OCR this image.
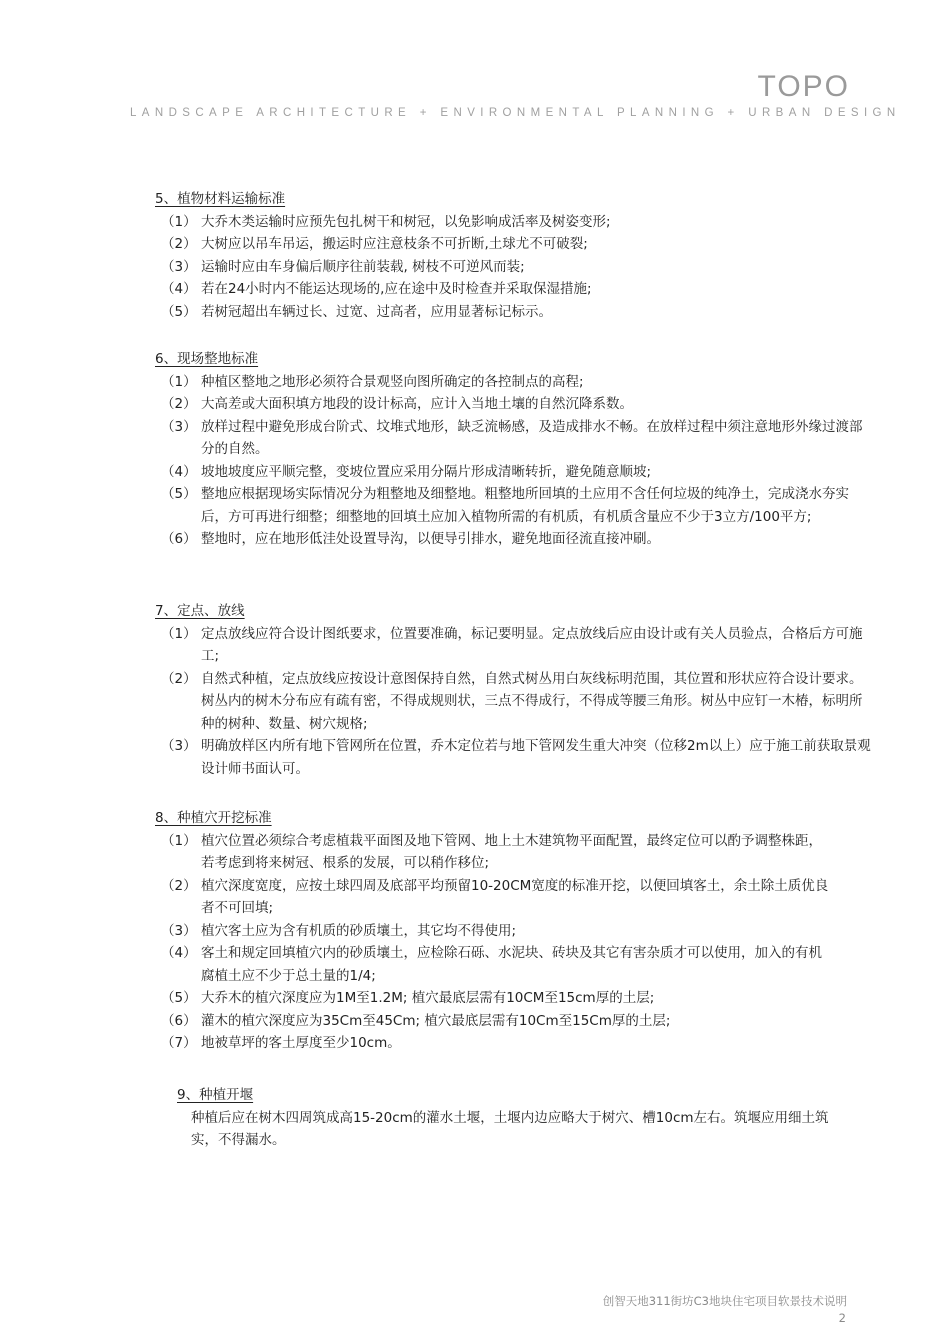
TOPO
LANDSCAPE ARCHITECTURE + ENVIRONMENTAL PLANNING + URBAN DESIGN
5、植物材料运输标准
（1） 大乔木类运输时应预先包扎树干和树冠，以免影响成活率及树姿变形;
（2） 大树应以吊车吊运，搬运时应注意枝条不可折断,土球尤不可破裂;
（3） 运输时应由车身偏后顺序往前装载, 树枝不可逆风而装;
（4） 若在24小时内不能运达现场的,应在途中及时检查并采取保湿措施;
（5） 若树冠超出车辆过长、过宽、过高者，应用显著标记标示。
6、现场整地标准
（1） 种植区整地之地形必须符合景观竖向图所确定的各控制点的高程;
（2） 大高差或大面积填方地段的设计标高，应计入当地土壤的自然沉降系数。
（3） 放样过程中避免形成台阶式、坟堆式地形，缺乏流畅感，及造成排水不畅。在放样过程中须注意地形外缘过渡部分的自然。
（4） 坡地坡度应平顺完整，变坡位置应采用分隔片形成清晰转折，避免随意顺坡;
（5） 整地应根据现场实际情况分为粗整地及细整地。粗整地所回填的土应用不含任何垃圾的纯净土，完成浇水夯实后，方可再进行细整；细整地的回填土应加入植物所需的有机质，有机质含量应不少于3立方/100平方;
（6） 整地时，应在地形低洼处设置导沟，以便导引排水，避免地面径流直接冲刷。
7、定点、放线
（1） 定点放线应符合设计图纸要求，位置要准确，标记要明显。定点放线后应由设计或有关人员验点，合格后方可施工;
（2） 自然式种植，定点放线应按设计意图保持自然，自然式树丛用白灰线标明范围，其位置和形状应符合设计要求。树丛内的树木分布应有疏有密，不得成规则状，三点不得成行，不得成等腰三角形。树丛中应钉一木椿，标明所种的树种、数量、树穴规格;
（3） 明确放样区内所有地下管网所在位置，乔木定位若与地下管网发生重大冲突（位移2m以上）应于施工前获取景观设计师书面认可。
8、种植穴开挖标准
（1） 植穴位置必须综合考虑植栽平面图及地下管网、地上土木建筑物平面配置，最终定位可以酌予调整株距，若考虑到将来树冠、根系的发展，可以稍作移位;
（2） 植穴深度宽度，应按土球四周及底部平均预留10-20CM宽度的标准开挖，以便回填客土，余土除土质优良者不可回填;
（3） 植穴客土应为含有机质的砂质壤土，其它均不得使用;
（4） 客土和规定回填植穴内的砂质壤土，应检除石砾、水泥块、砖块及其它有害杂质才可以使用，加入的有机腐植土应不少于总土量的1/4;
（5） 大乔木的植穴深度应为1M至1.2M; 植穴最底层需有10CM至15cm厚的土层;
（6） 灌木的植穴深度应为35Cm至45Cm; 植穴最底层需有10Cm至15Cm厚的土层;
（7） 地被草坪的客土厚度至少10cm。
9、种植开堰
种植后应在树木四周筑成高15-20cm的灌水土堰，土堰内边应略大于树穴、槽10cm左右。筑堰应用细土筑实，不得漏水。
创智天地311街坊C3地块住宅项目软景技术说明
2
